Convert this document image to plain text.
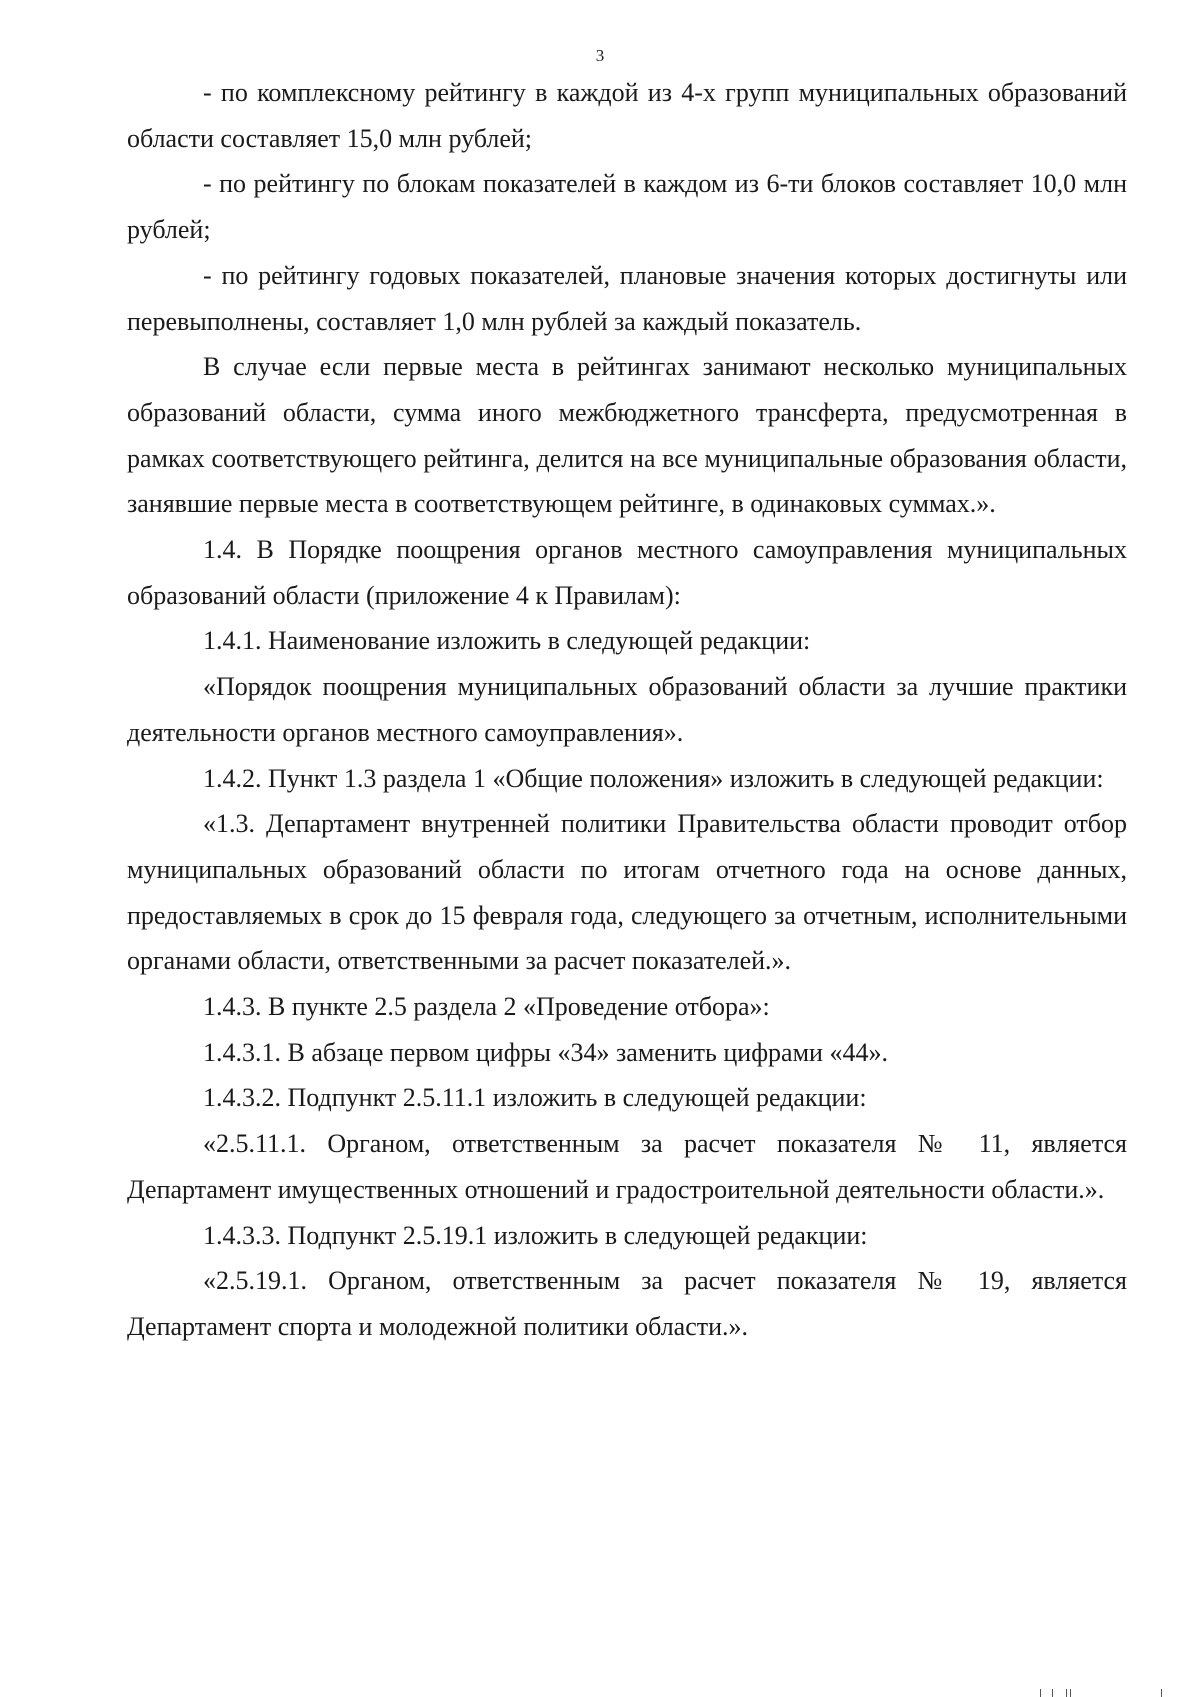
3

- по комплексному рейтингу в каждой из 4-х групп муниципальных образований области составляет 15,0 млн рублей;

- по рейтингу по блокам показателей в каждом из 6-ти блоков составляет 10,0 млн рублей;

- по рейтингу годовых показателей, плановые значения которых достигнуты или перевыполнены, составляет 1,0 млн рублей за каждый показатель.

В случае если первые места в рейтингах занимают несколько муниципальных образований области, сумма иного межбюджетного трансферта, предусмотренная в рамках соответствующего рейтинга, делится на все муниципальные образования области, занявшие первые места в соответствующем рейтинге, в одинаковых суммах.».

1.4. В Порядке поощрения органов местного самоуправления муниципальных образований области (приложение 4 к Правилам):

1.4.1. Наименование изложить в следующей редакции:

«Порядок поощрения муниципальных образований области за лучшие практики деятельности органов местного самоуправления».

1.4.2. Пункт 1.3 раздела 1 «Общие положения» изложить в следующей редакции:

«1.3. Департамент внутренней политики Правительства области проводит отбор муниципальных образований области по итогам отчетного года на основе данных, предоставляемых в срок до 15 февраля года, следующего за отчетным, исполнительными органами области, ответственными за расчет показателей.».

1.4.3. В пункте 2.5 раздела 2 «Проведение отбора»:

1.4.3.1. В абзаце первом цифры «34» заменить цифрами «44».

1.4.3.2. Подпункт 2.5.11.1 изложить в следующей редакции:

«2.5.11.1. Органом, ответственным за расчет показателя № 11, является Департамент имущественных отношений и градостроительной деятельности области.».

1.4.3.3. Подпункт 2.5.19.1 изложить в следующей редакции:

«2.5.19.1. Органом, ответственным за расчет показателя № 19, является Департамент спорта и молодежной политики области.».
